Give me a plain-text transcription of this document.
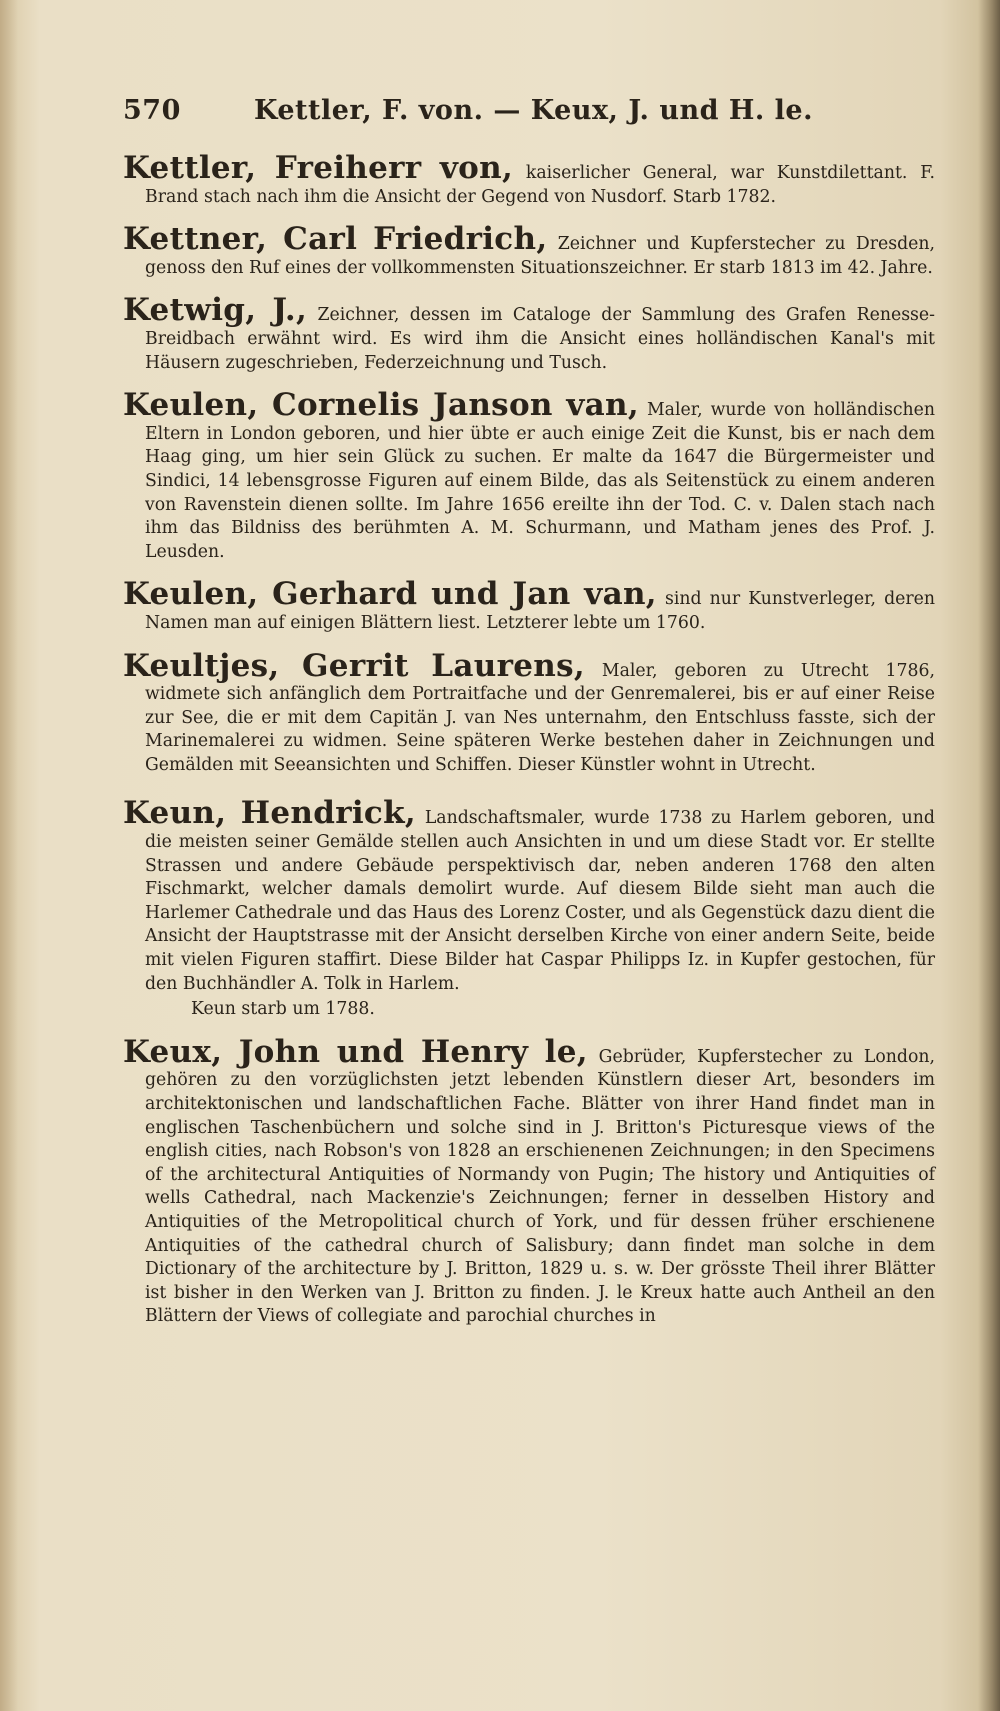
570	Kettler, F. von. — Keux, J. und H. le.

Kettler, Freiherr von, kaiserlicher General, war Kunstdilettant. F. Brand stach nach ihm die Ansicht der Gegend von Nusdorf. Starb 1782.

Kettner, Carl Friedrich, Zeichner und Kupferstecher zu Dresden, genoss den Ruf eines der vollkommensten Situationszeichner. Er starb 1813 im 42. Jahre.

Ketwig, J., Zeichner, dessen im Cataloge der Sammlung des Grafen Renesse-Breidbach erwähnt wird. Es wird ihm die Ansicht eines holländischen Kanal's mit Häusern zugeschrieben, Federzeichnung und Tusch.

Keulen, Cornelis Janson van, Maler, wurde von holländischen Eltern in London geboren, und hier übte er auch einige Zeit die Kunst, bis er nach dem Haag ging, um hier sein Glück zu suchen. Er malte da 1647 die Bürgermeister und Sindici, 14 lebensgrosse Figuren auf einem Bilde, das als Seitenstück zu einem anderen von Ravenstein dienen sollte. Im Jahre 1656 ereilte ihn der Tod. C. v. Dalen stach nach ihm das Bildniss des berühmten A. M. Schurmann, und Matham jenes des Prof. J. Leusden.

Keulen, Gerhard und Jan van, sind nur Kunstverleger, deren Namen man auf einigen Blättern liest. Letzterer lebte um 1760.

Keultjes, Gerrit Laurens, Maler, geboren zu Utrecht 1786, widmete sich anfänglich dem Portraitfache und der Genremalerei, bis er auf einer Reise zur See, die er mit dem Capitän J. van Nes unternahm, den Entschluss fasste, sich der Marinemalerei zu widmen. Seine späteren Werke bestehen daher in Zeichnungen und Gemälden mit Seeansichten und Schiffen. Dieser Künstler wohnt in Utrecht.

Keun, Hendrick, Landschaftsmaler, wurde 1738 zu Harlem geboren, und die meisten seiner Gemälde stellen auch Ansichten in und um diese Stadt vor. Er stellte Strassen und andere Gebäude perspektivisch dar, neben anderen 1768 den alten Fischmarkt, welcher damals demolirt wurde. Auf diesem Bilde sieht man auch die Harlemer Cathedrale und das Haus des Lorenz Coster, und als Gegenstück dazu dient die Ansicht der Hauptstrasse mit der Ansicht derselben Kirche von einer andern Seite, beide mit vielen Figuren staffirt. Diese Bilder hat Caspar Philipps Iz. in Kupfer gestochen, für den Buchhändler A. Tolk in Harlem.

Keun starb um 1788.

Keux, John und Henry le, Gebrüder, Kupferstecher zu London, gehören zu den vorzüglichsten jetzt lebenden Künstlern dieser Art, besonders im architektonischen und landschaftlichen Fache. Blätter von ihrer Hand findet man in englischen Taschenbüchern und solche sind in J. Britton's Picturesque views of the english cities, nach Robson's von 1828 an erschienenen Zeichnungen; in den Specimens of the architectural Antiquities of Normandy von Pugin; The history und Antiquities of wells Cathedral, nach Mackenzie's Zeichnungen; ferner in desselben History and Antiquities of the Metropolitical church of York, und für dessen früher erschienene Antiquities of the cathedral church of Salisbury; dann findet man solche in dem Dictionary of the architecture by J. Britton, 1829 u. s. w. Der grösste Theil ihrer Blätter ist bisher in den Werken van J. Britton zu finden. J. le Kreux hatte auch Antheil an den Blättern der Views of collegiate and parochial churches in
